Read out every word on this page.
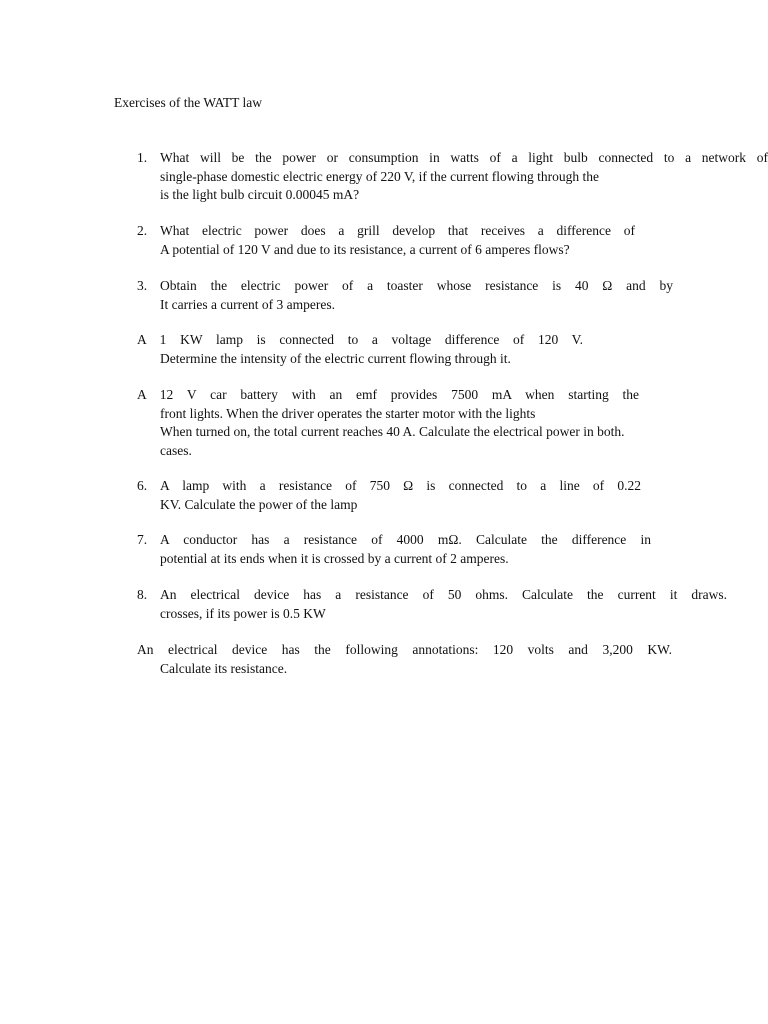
Exercises of the WATT law
1. What will be the power or consumption in watts of a light bulb connected to a network of
single-phase domestic electric energy of 220 V, if the current flowing through the
is the light bulb circuit 0.00045 mA?
2. What electric power does a grill develop that receives a difference of
A potential of 120 V and due to its resistance, a current of 6 amperes flows?
3. Obtain the electric power of a toaster whose resistance is 40 Ω and by
It carries a current of 3 amperes.
A 1 KW lamp is connected to a voltage difference of 120 V.
Determine the intensity of the electric current flowing through it.
A 12 V car battery with an emf provides 7500 mA when starting the
front lights. When the driver operates the starter motor with the lights
When turned on, the total current reaches 40 A. Calculate the electrical power in both.
cases.
6. A lamp with a resistance of 750 Ω is connected to a line of 0.22
KV. Calculate the power of the lamp
7. A conductor has a resistance of 4000 mΩ. Calculate the difference in
potential at its ends when it is crossed by a current of 2 amperes.
8. An electrical device has a resistance of 50 ohms. Calculate the current it draws.
crosses, if its power is 0.5 KW
An electrical device has the following annotations: 120 volts and 3,200 KW.
Calculate its resistance.
